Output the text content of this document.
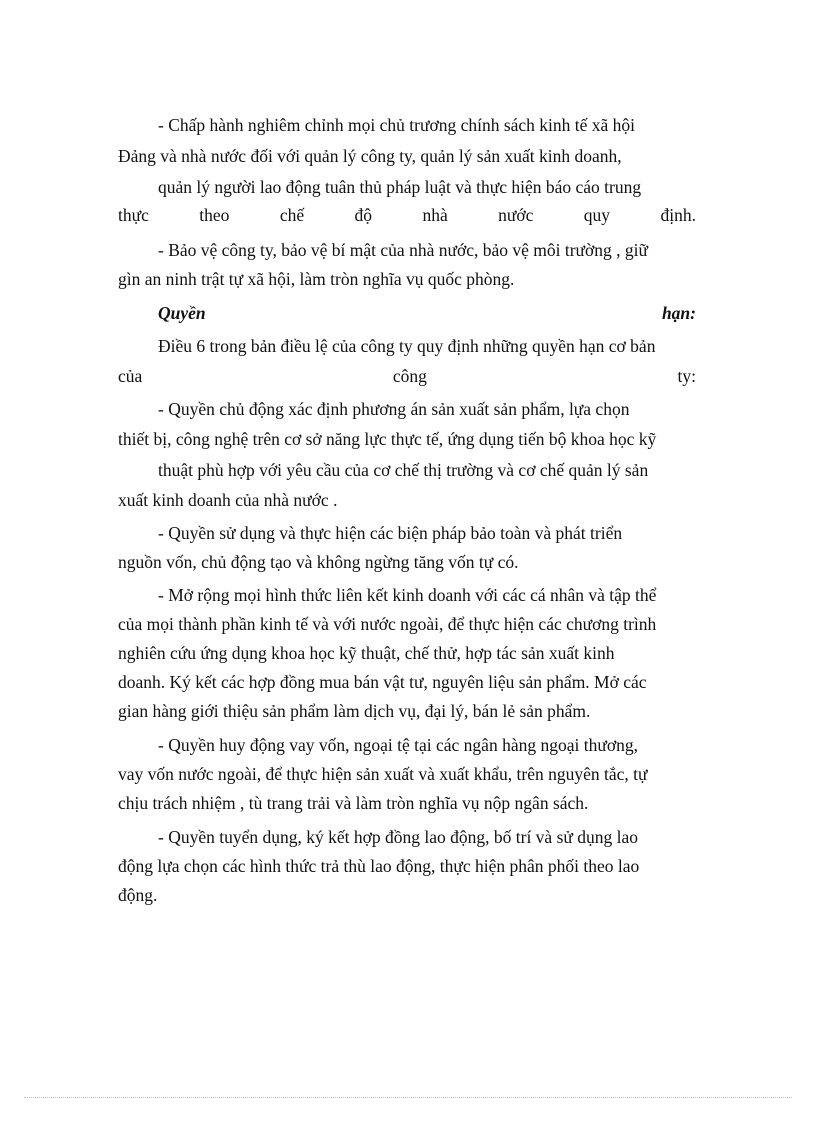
- Chấp hành nghiêm chỉnh mọi chủ trương chính sách kinh tế xã hội
Đảng và nhà nước đối với quản lý công ty, quản lý sản xuất kinh doanh,
quản lý người lao động tuân thủ pháp luật và thực hiện báo cáo trung
thực	theo	chế	độ	nhà	nước	quy	định.
- Bảo vệ công ty, bảo vệ bí mật của nhà nước, bảo vệ môi trường , giữ
gìn an ninh trật tự xã hội, làm tròn nghĩa vụ quốc phòng.
Quyền	hạn:
Điều 6 trong bản điều lệ của công ty quy định những quyền hạn cơ bản
của	công	ty:
- Quyền chủ động xác định phương án sản xuất sản phẩm, lựa chọn
thiết bị, công nghệ trên cơ sở năng lực thực tế, ứng dụng tiến bộ khoa học kỹ
thuật phù hợp với yêu cầu của cơ chế thị trường và cơ chế quản lý sản
xuất kinh doanh của nhà nước .
- Quyền sử dụng và thực hiện các biện pháp bảo toàn và phát triển
nguồn vốn, chủ động tạo và không ngừng tăng vốn tự có.
- Mở rộng mọi hình thức liên kết kinh doanh với các cá nhân và tập thể
của mọi thành phần kinh tế và với nước ngoài, để thực hiện các chương trình
nghiên cứu ứng dụng khoa học kỹ thuật, chế thử, hợp tác sản xuất kinh
doanh. Ký kết các hợp đồng mua bán vật tư, nguyên liệu sản phẩm. Mở các
gian hàng giới thiệu sản phẩm làm dịch vụ, đại lý, bán lẻ sản phẩm.
- Quyền huy động vay vốn, ngoại tệ tại các ngân hàng ngoại thương,
vay vốn nước ngoài, để thực hiện sản xuất và xuất khẩu, trên nguyên tắc, tự
chịu trách nhiệm , tù trang trải và làm tròn nghĩa vụ nộp ngân sách.
- Quyền tuyển dụng, ký kết hợp đồng lao động, bố trí và sử dụng lao
động lựa chọn các hình thức trả thù lao động, thực hiện phân phối theo lao
động.
